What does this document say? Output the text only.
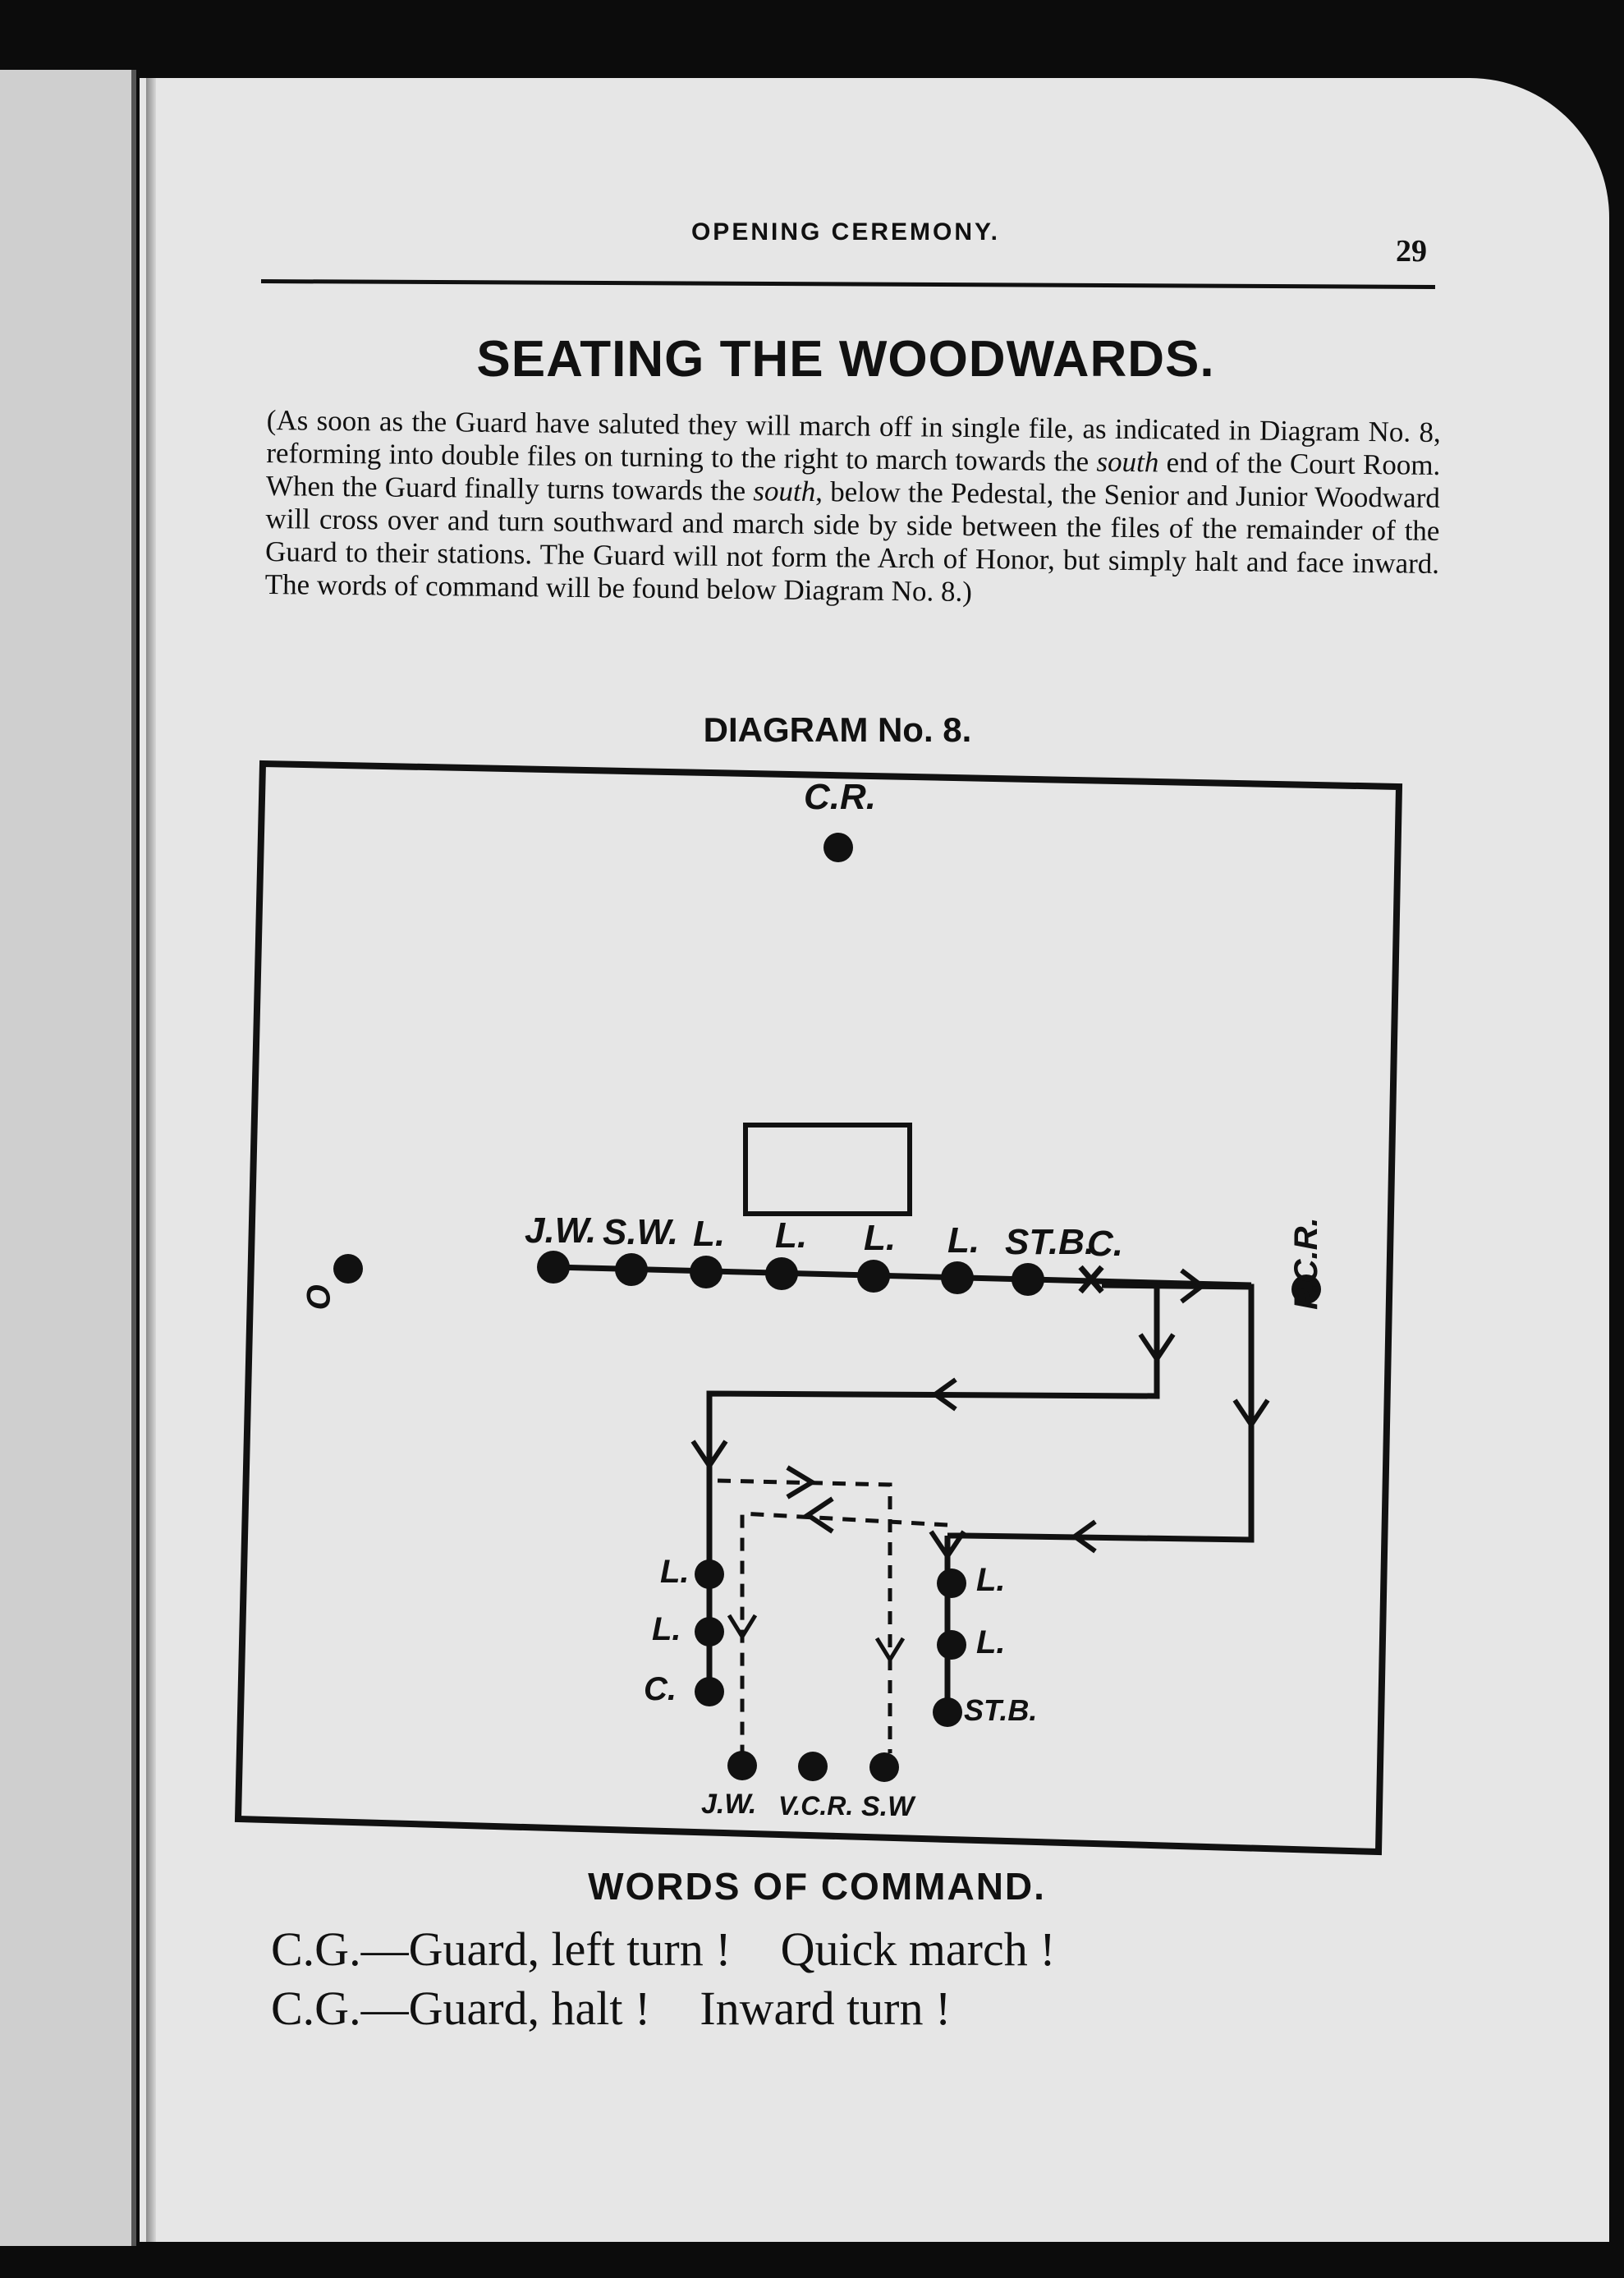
OPENING CEREMONY.
29
SEATING THE WOODWARDS.
(As soon as the Guard have saluted they will march off in single file, as indicated in Diagram No. 8, reforming into double files on turning to the right to march towards the south end of the Court Room. When the Guard finally turns towards the south, below the Pedestal, the Senior and Junior Woodward will cross over and turn southward and march side by side between the files of the remainder of the Guard to their stations. The Guard will not form the Arch of Honor, but simply halt and face inward. The words of command will be found below Diagram No. 8.)
DIAGRAM No. 8.
C.R.
O	P.C.R.
J.W. S.W. L. L. L. L. ST.B.
C.
L.
L.
C.
L.
L.
ST.B.
J.W. V.C.R. S.W
WORDS OF COMMAND.
C.G.—Guard, left turn ! Quick march !
C.G.—Guard, halt ! Inward turn !
